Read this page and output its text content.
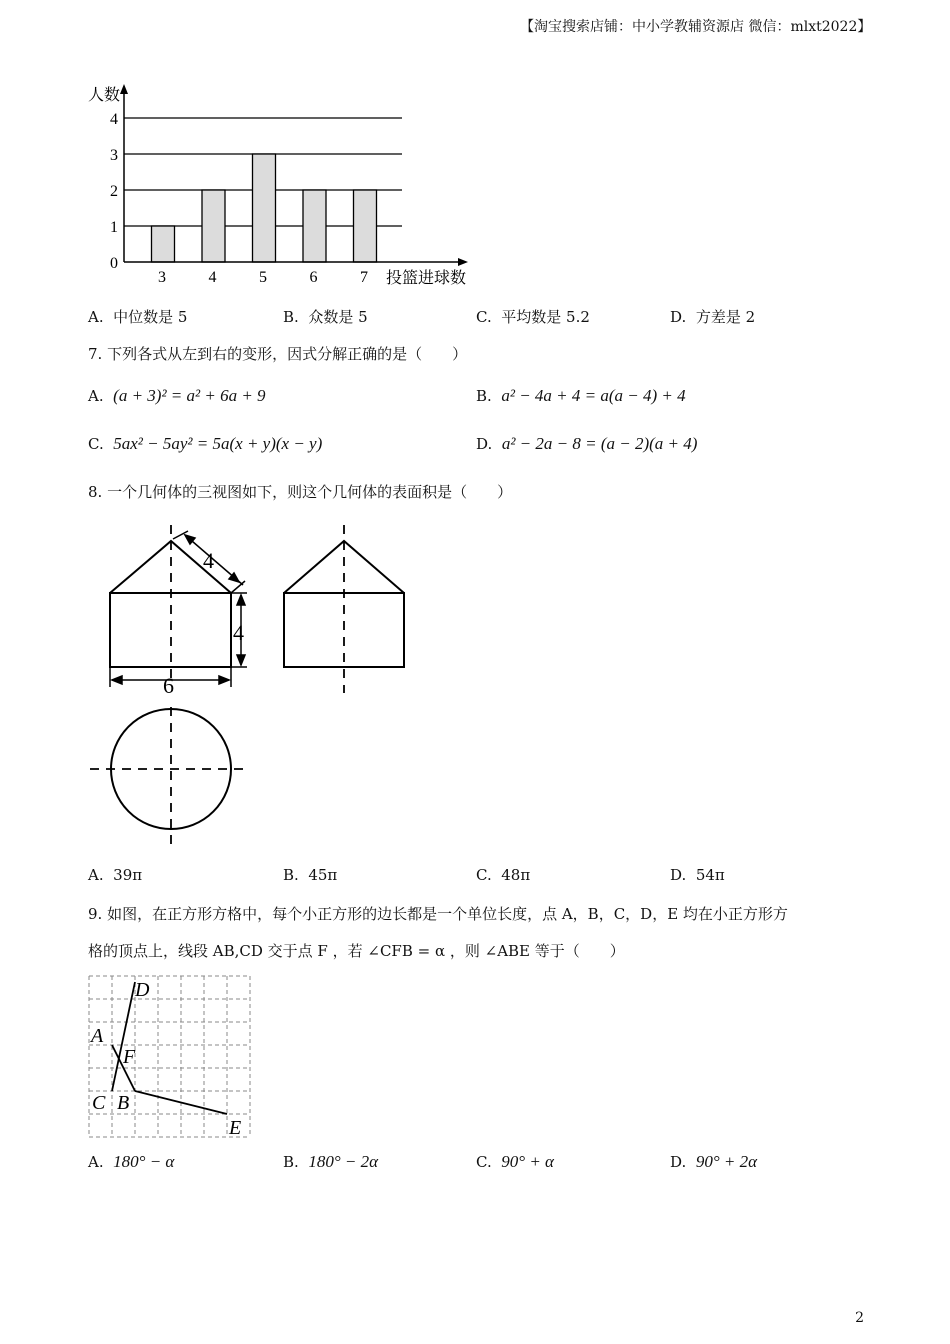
【淘宝搜索店铺：中小学教辅资源店 微信：mlxt2022】
人数
投篮进球数
0
1
2
3
4
3	4	5	6	7
A. 中位数是 5	B. 众数是 5	C. 平均数是 5.2	D. 方差是 2
7. 下列各式从左到右的变形，因式分解正确的是（　　）
A. (a + 3)² = a² + 6a + 9	B. a² − 4a + 4 = a(a − 4) + 4
C. 5ax² − 5ay² = 5a(x + y)(x − y)	D. a² − 2a − 8 = (a − 2)(a + 4)
8. 一个几何体的三视图如下，则这个几何体的表面积是（　　）
4
4
6
A. 39π	B. 45π	C. 48π	D. 54π
9. 如图，在正方形方格中，每个小正方形的边长都是一个单位长度，点 A，B，C，D，E 均在小正方形方
格的顶点上，线段 AB,CD 交于点 F ，若 ∠CFB = α ，则 ∠ABE 等于（　　）
D
A
F
C B
E
A. 180° − α	B. 180° − 2α	C. 90° + α	D. 90° + 2α
2
